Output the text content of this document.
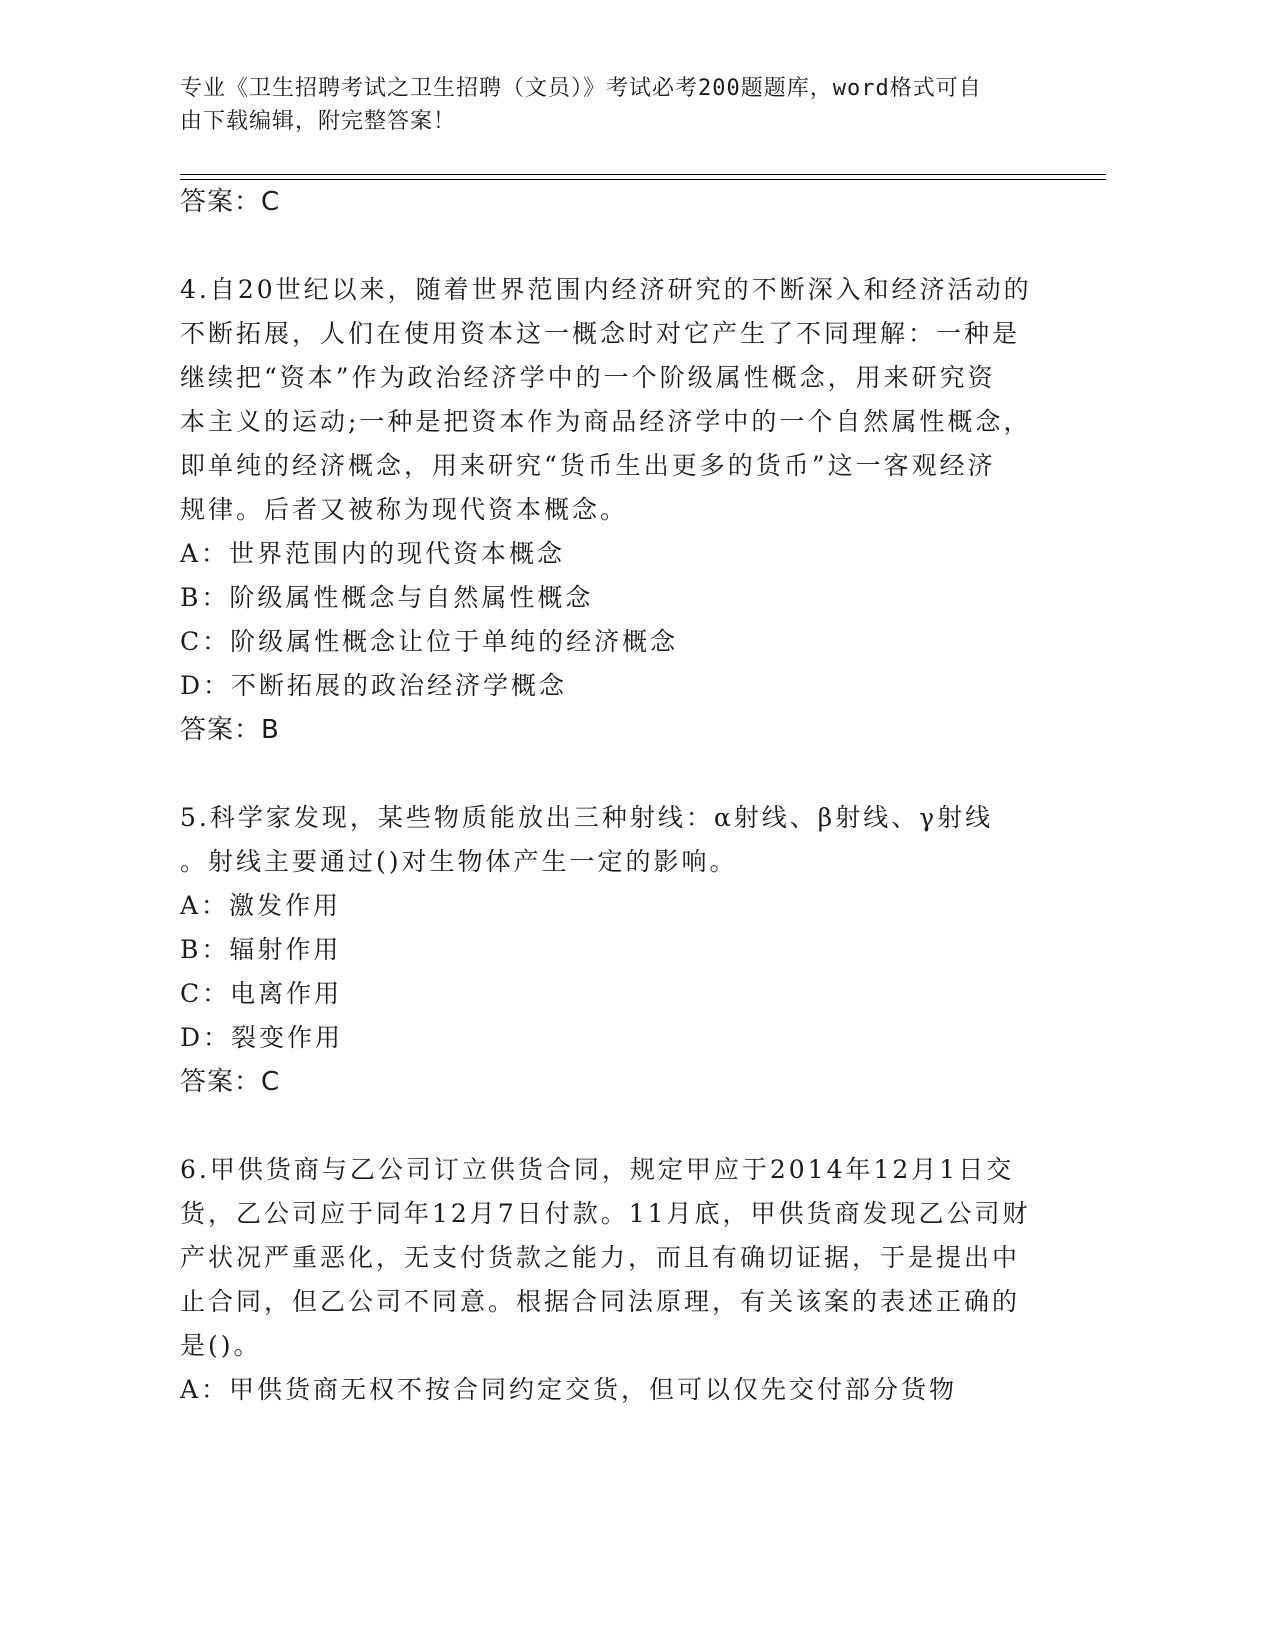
专业《卫生招聘考试之卫生招聘（文员）》考试必考200题题库，word格式可自
由下载编辑，附完整答案！
答案：C
4.自20世纪以来，随着世界范围内经济研究的不断深入和经济活动的
不断拓展，人们在使用资本这一概念时对它产生了不同理解：一种是
继续把“资本”作为政治经济学中的一个阶级属性概念，用来研究资
本主义的运动;一种是把资本作为商品经济学中的一个自然属性概念，
即单纯的经济概念，用来研究“货币生出更多的货币”这一客观经济
规律。后者又被称为现代资本概念。
A：世界范围内的现代资本概念
B：阶级属性概念与自然属性概念
C：阶级属性概念让位于单纯的经济概念
D：不断拓展的政治经济学概念
答案：B
5.科学家发现，某些物质能放出三种射线：α射线、β射线、γ射线
。射线主要通过()对生物体产生一定的影响。
A：激发作用
B：辐射作用
C：电离作用
D：裂变作用
答案：C
6.甲供货商与乙公司订立供货合同，规定甲应于2014年12月1日交
货，乙公司应于同年12月7日付款。11月底，甲供货商发现乙公司财
产状况严重恶化，无支付货款之能力，而且有确切证据，于是提出中
止合同，但乙公司不同意。根据合同法原理，有关该案的表述正确的
是()。
A：甲供货商无权不按合同约定交货，但可以仅先交付部分货物
